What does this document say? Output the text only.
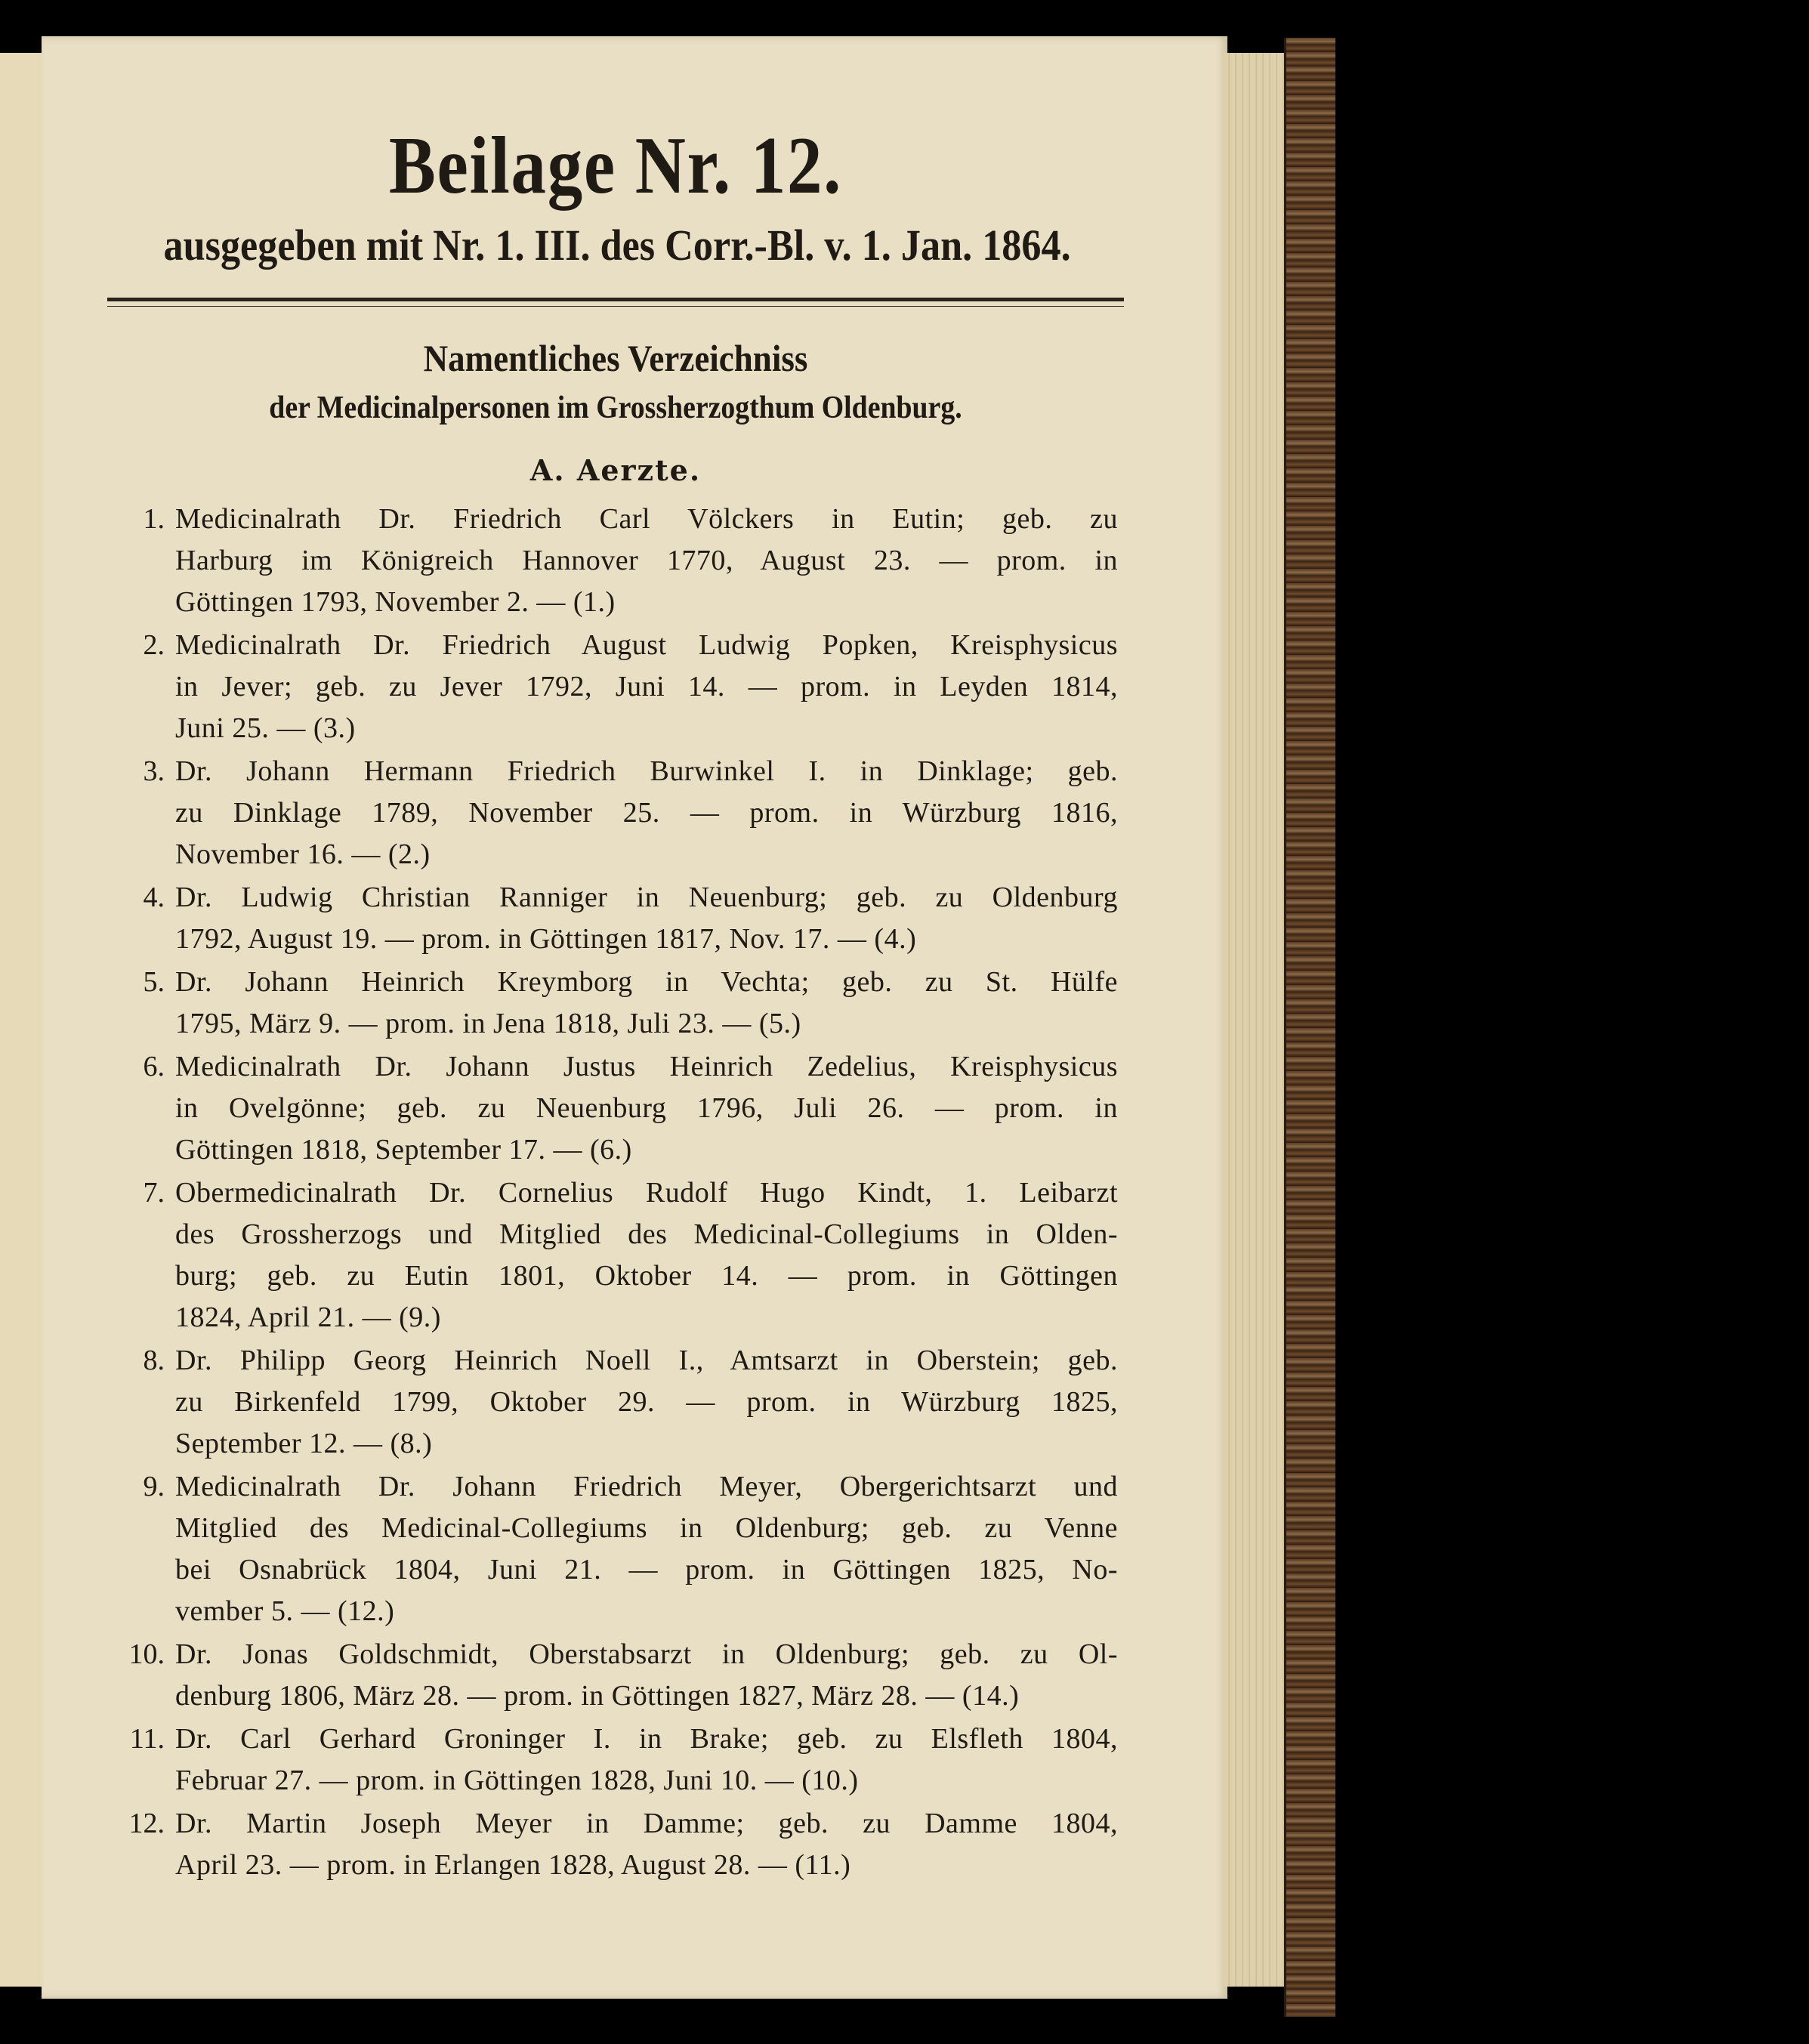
Beilage Nr. 12.
ausgegeben mit Nr. 1. III. des Corr.-Bl. v. 1. Jan. 1864.
Namentliches Verzeichniss
der Medicinalpersonen im Grossherzogthum Oldenburg.
A. Aerzte.
1. Medicinalrath Dr. Friedrich Carl Völckers in Eutin; geb. zu
Harburg im Königreich Hannover 1770, August 23. — prom. in
Göttingen 1793, November 2. — (1.)
2. Medicinalrath Dr. Friedrich August Ludwig Popken, Kreisphysicus
in Jever; geb. zu Jever 1792, Juni 14. — prom. in Leyden 1814,
Juni 25. — (3.)
3. Dr. Johann Hermann Friedrich Burwinkel I. in Dinklage; geb.
zu Dinklage 1789, November 25. — prom. in Würzburg 1816,
November 16. — (2.)
4. Dr. Ludwig Christian Ranniger in Neuenburg; geb. zu Oldenburg
1792, August 19. — prom. in Göttingen 1817, Nov. 17. — (4.)
5. Dr. Johann Heinrich Kreymborg in Vechta; geb. zu St. Hülfe
1795, März 9. — prom. in Jena 1818, Juli 23. — (5.)
6. Medicinalrath Dr. Johann Justus Heinrich Zedelius, Kreisphysicus
in Ovelgönne; geb. zu Neuenburg 1796, Juli 26. — prom. in
Göttingen 1818, September 17. — (6.)
7. Obermedicinalrath Dr. Cornelius Rudolf Hugo Kindt, 1. Leibarzt
des Grossherzogs und Mitglied des Medicinal-Collegiums in Olden-
burg; geb. zu Eutin 1801, Oktober 14. — prom. in Göttingen
1824, April 21. — (9.)
8. Dr. Philipp Georg Heinrich Noell I., Amtsarzt in Oberstein; geb.
zu Birkenfeld 1799, Oktober 29. — prom. in Würzburg 1825,
September 12. — (8.)
9. Medicinalrath Dr. Johann Friedrich Meyer, Obergerichtsarzt und
Mitglied des Medicinal-Collegiums in Oldenburg; geb. zu Venne
bei Osnabrück 1804, Juni 21. — prom. in Göttingen 1825, No-
vember 5. — (12.)
10. Dr. Jonas Goldschmidt, Oberstabsarzt in Oldenburg; geb. zu Ol-
denburg 1806, März 28. — prom. in Göttingen 1827, März 28. — (14.)
11. Dr. Carl Gerhard Groninger I. in Brake; geb. zu Elsfleth 1804,
Februar 27. — prom. in Göttingen 1828, Juni 10. — (10.)
12. Dr. Martin Joseph Meyer in Damme; geb. zu Damme 1804,
April 23. — prom. in Erlangen 1828, August 28. — (11.)
